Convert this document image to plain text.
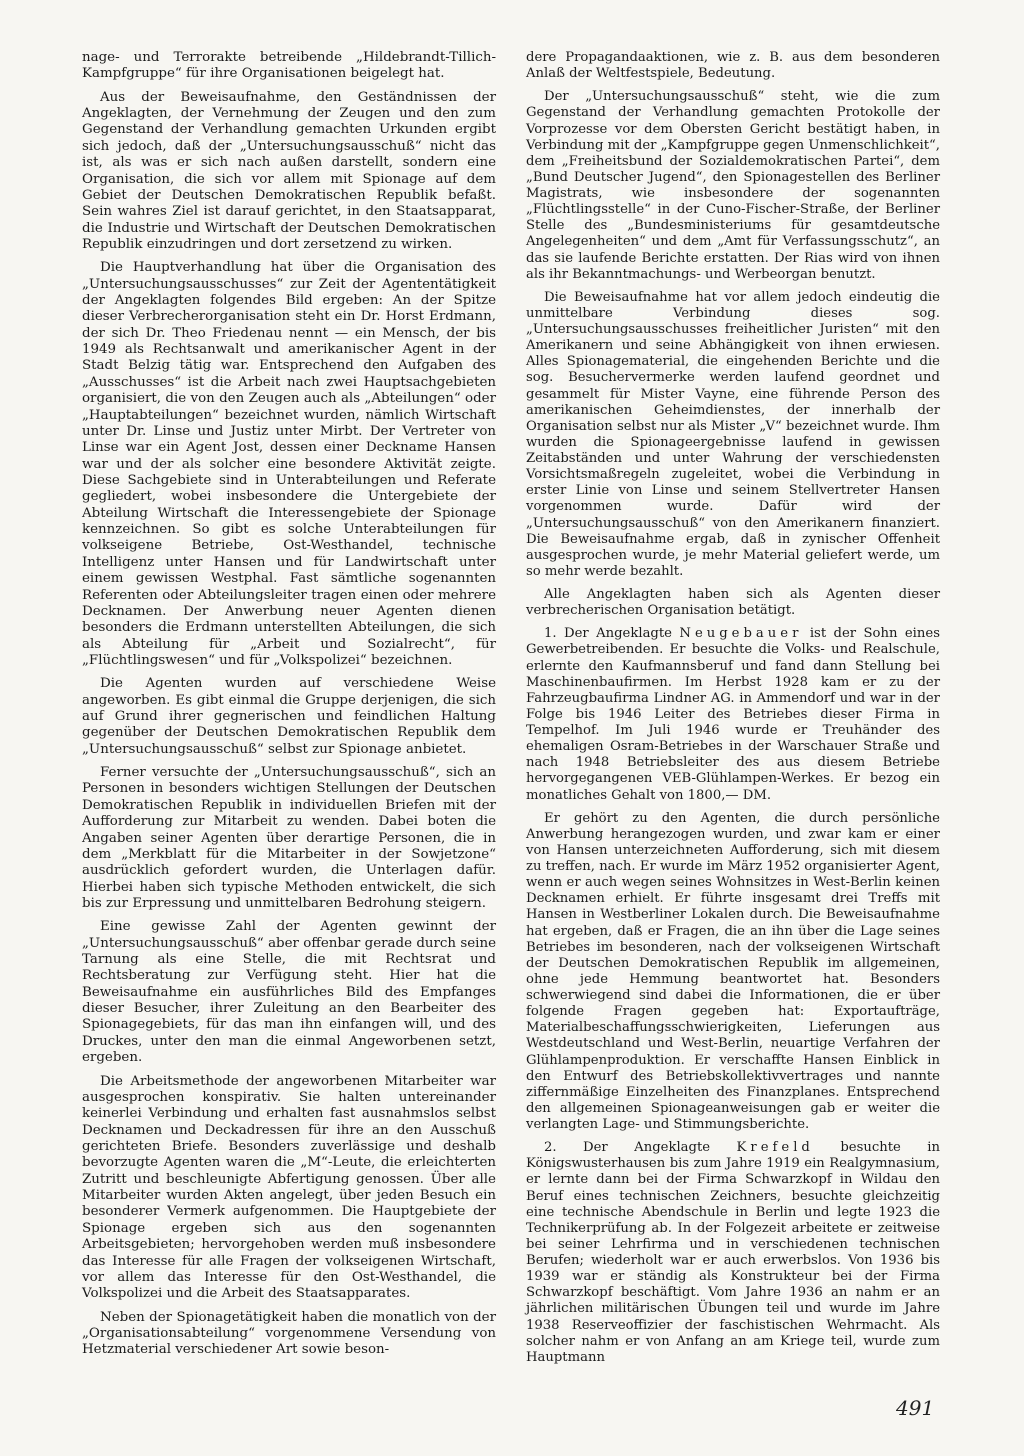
nage- und Terrorakte betreibende „Hildebrandt-Tillich-Kampfgruppe“ für ihre Organisationen beigelegt hat.

Aus der Beweisaufnahme, den Geständnissen der Angeklagten, der Vernehmung der Zeugen und den zum Gegenstand der Verhandlung gemachten Urkunden ergibt sich jedoch, daß der „Untersuchungsausschuß“ nicht das ist, als was er sich nach außen darstellt, sondern eine Organisation, die sich vor allem mit Spionage auf dem Gebiet der Deutschen Demokratischen Republik befaßt. Sein wahres Ziel ist darauf gerichtet, in den Staatsapparat, die Industrie und Wirtschaft der Deutschen Demokratischen Republik einzudringen und dort zersetzend zu wirken.

Die Hauptverhandlung hat über die Organisation des „Untersuchungsausschusses“ zur Zeit der Agententätigkeit der Angeklagten folgendes Bild ergeben: An der Spitze dieser Verbrecherorganisation steht ein Dr. Horst Erdmann, der sich Dr. Theo Friedenau nennt — ein Mensch, der bis 1949 als Rechtsanwalt und amerikanischer Agent in der Stadt Belzig tätig war. Entsprechend den Aufgaben des „Ausschusses“ ist die Arbeit nach zwei Hauptsachgebieten organisiert, die von den Zeugen auch als „Abteilungen“ oder „Hauptabteilungen“ bezeichnet wurden, nämlich Wirtschaft unter Dr. Linse und Justiz unter Mirbt. Der Vertreter von Linse war ein Agent Jost, dessen einer Deckname Hansen war und der als solcher eine besondere Aktivität zeigte. Diese Sachgebiete sind in Unterabteilungen und Referate gegliedert, wobei insbesondere die Untergebiete der Abteilung Wirtschaft die Interessengebiete der Spionage kennzeichnen. So gibt es solche Unterabteilungen für volkseigene Betriebe, Ost-Westhandel, technische Intelligenz unter Hansen und für Landwirtschaft unter einem gewissen Westphal. Fast sämtliche sogenannten Referenten oder Abteilungsleiter tragen einen oder mehrere Decknamen. Der Anwerbung neuer Agenten dienen besonders die Erdmann unterstellten Abteilungen, die sich als Abteilung für „Arbeit und Sozialrecht“, für „Flüchtlingswesen“ und für „Volkspolizei“ bezeichnen.

Die Agenten wurden auf verschiedene Weise angeworben. Es gibt einmal die Gruppe derjenigen, die sich auf Grund ihrer gegnerischen und feindlichen Haltung gegenüber der Deutschen Demokratischen Republik dem „Untersuchungsausschuß“ selbst zur Spionage anbietet.

Ferner versuchte der „Untersuchungsausschuß“, sich an Personen in besonders wichtigen Stellungen der Deutschen Demokratischen Republik in individuellen Briefen mit der Aufforderung zur Mitarbeit zu wenden. Dabei boten die Angaben seiner Agenten über derartige Personen, die in dem „Merkblatt für die Mitarbeiter in der Sowjetzone“ ausdrücklich gefordert wurden, die Unterlagen dafür. Hierbei haben sich typische Methoden entwickelt, die sich bis zur Erpressung und unmittelbaren Bedrohung steigern.

Eine gewisse Zahl der Agenten gewinnt der „Untersuchungsausschuß“ aber offenbar gerade durch seine Tarnung als eine Stelle, die mit Rechtsrat und Rechtsberatung zur Verfügung steht. Hier hat die Beweisaufnahme ein ausführliches Bild des Empfanges dieser Besucher, ihrer Zuleitung an den Bearbeiter des Spionagegebiets, für das man ihn einfangen will, und des Druckes, unter den man die einmal Angeworbenen setzt, ergeben.

Die Arbeitsmethode der angeworbenen Mitarbeiter war ausgesprochen konspirativ. Sie halten untereinander keinerlei Verbindung und erhalten fast ausnahmslos selbst Decknamen und Deckadressen für ihre an den Ausschuß gerichteten Briefe. Besonders zuverlässige und deshalb bevorzugte Agenten waren die „M“-Leute, die erleichterten Zutritt und beschleunigte Abfertigung genossen. Über alle Mitarbeiter wurden Akten angelegt, über jeden Besuch ein besonderer Vermerk aufgenommen. Die Hauptgebiete der Spionage ergeben sich aus den sogenannten Arbeitsgebieten; hervorgehoben werden muß insbesondere das Interesse für alle Fragen der volkseigenen Wirtschaft, vor allem das Interesse für den Ost-Westhandel, die Volkspolizei und die Arbeit des Staatsapparates.

Neben der Spionagetätigkeit haben die monatlich von der „Organisationsabteilung“ vorgenommene Versendung von Hetzmaterial verschiedener Art sowie beson-

dere Propagandaaktionen, wie z. B. aus dem besonderen Anlaß der Weltfestspiele, Bedeutung.

Der „Untersuchungsausschuß“ steht, wie die zum Gegenstand der Verhandlung gemachten Protokolle der Vorprozesse vor dem Obersten Gericht bestätigt haben, in Verbindung mit der „Kampfgruppe gegen Unmenschlichkeit“, dem „Freiheitsbund der Sozialdemokratischen Partei“, dem „Bund Deutscher Jugend“, den Spionagestellen des Berliner Magistrats, wie insbesondere der sogenannten „Flüchtlingsstelle“ in der Cuno-Fischer-Straße, der Berliner Stelle des „Bundesministeriums für gesamtdeutsche Angelegenheiten“ und dem „Amt für Verfassungsschutz“, an das sie laufende Berichte erstatten. Der Rias wird von ihnen als ihr Bekanntmachungs- und Werbeorgan benutzt.

Die Beweisaufnahme hat vor allem jedoch eindeutig die unmittelbare Verbindung dieses sog. „Untersuchungsausschusses freiheitlicher Juristen“ mit den Amerikanern und seine Abhängigkeit von ihnen erwiesen. Alles Spionagematerial, die eingehenden Berichte und die sog. Besuchervermerke werden laufend geordnet und gesammelt für Mister Vayne, eine führende Person des amerikanischen Geheimdienstes, der innerhalb der Organisation selbst nur als Mister „V“ bezeichnet wurde. Ihm wurden die Spionageergebnisse laufend in gewissen Zeitabständen und unter Wahrung der verschiedensten Vorsichtsmaßregeln zugeleitet, wobei die Verbindung in erster Linie von Linse und seinem Stellvertreter Hansen vorgenommen wurde. Dafür wird der „Untersuchungsausschuß“ von den Amerikanern finanziert. Die Beweisaufnahme ergab, daß in zynischer Offenheit ausgesprochen wurde, je mehr Material geliefert werde, um so mehr werde bezahlt.

Alle Angeklagten haben sich als Agenten dieser verbrecherischen Organisation betätigt.

1. Der Angeklagte Neugebauer ist der Sohn eines Gewerbetreibenden. Er besuchte die Volks- und Realschule, erlernte den Kaufmannsberuf und fand dann Stellung bei Maschinenbaufirmen. Im Herbst 1928 kam er zu der Fahrzeugbaufirma Lindner AG. in Ammendorf und war in der Folge bis 1946 Leiter des Betriebes dieser Firma in Tempelhof. Im Juli 1946 wurde er Treuhänder des ehemaligen Osram-Betriebes in der Warschauer Straße und nach 1948 Betriebsleiter des aus diesem Betriebe hervorgegangenen VEB-Glühlampen-Werkes. Er bezog ein monatliches Gehalt von 1800,— DM.

Er gehört zu den Agenten, die durch persönliche Anwerbung herangezogen wurden, und zwar kam er einer von Hansen unterzeichneten Aufforderung, sich mit diesem zu treffen, nach. Er wurde im März 1952 organisierter Agent, wenn er auch wegen seines Wohnsitzes in West-Berlin keinen Decknamen erhielt. Er führte insgesamt drei Treffs mit Hansen in Westberliner Lokalen durch. Die Beweisaufnahme hat ergeben, daß er Fragen, die an ihn über die Lage seines Betriebes im besonderen, nach der volkseigenen Wirtschaft der Deutschen Demokratischen Republik im allgemeinen, ohne jede Hemmung beantwortet hat. Besonders schwerwiegend sind dabei die Informationen, die er über folgende Fragen gegeben hat: Exportaufträge, Materialbeschaffungsschwierigkeiten, Lieferungen aus Westdeutschland und West-Berlin, neuartige Verfahren der Glühlampenproduktion. Er verschaffte Hansen Einblick in den Entwurf des Betriebskollektivvertrages und nannte ziffernmäßige Einzelheiten des Finanzplanes. Entsprechend den allgemeinen Spionageanweisungen gab er weiter die verlangten Lage- und Stimmungsberichte.

2. Der Angeklagte Krefeld besuchte in Königswusterhausen bis zum Jahre 1919 ein Realgymnasium, er lernte dann bei der Firma Schwarzkopf in Wildau den Beruf eines technischen Zeichners, besuchte gleichzeitig eine technische Abendschule in Berlin und legte 1923 die Technikerprüfung ab. In der Folgezeit arbeitete er zeitweise bei seiner Lehrfirma und in verschiedenen technischen Berufen; wiederholt war er auch erwerbslos. Von 1936 bis 1939 war er ständig als Konstrukteur bei der Firma Schwarzkopf beschäftigt. Vom Jahre 1936 an nahm er an jährlichen militärischen Übungen teil und wurde im Jahre 1938 Reserveoffizier der faschistischen Wehrmacht. Als solcher nahm er von Anfang an am Kriege teil, wurde zum Hauptmann

491
